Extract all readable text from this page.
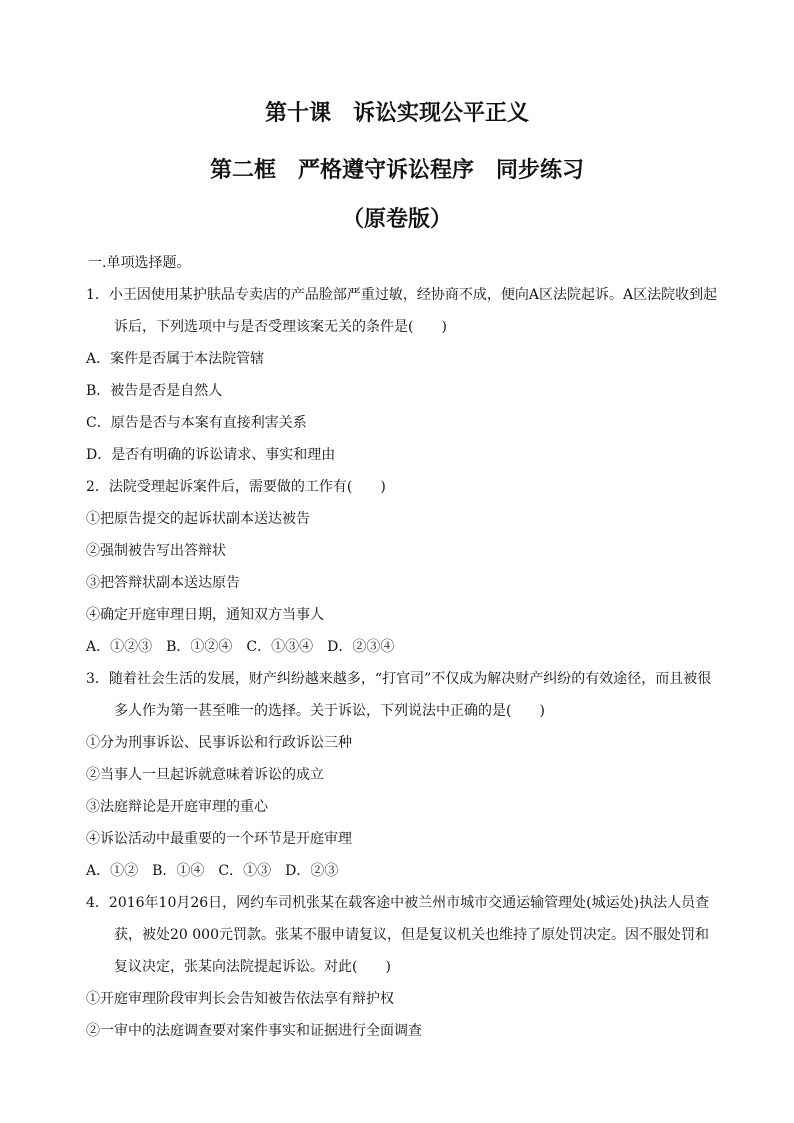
第十课　诉讼实现公平正义
第二框　严格遵守诉讼程序　同步练习
（原卷版）

一.单项选择题。

1．小王因使用某护肤品专卖店的产品脸部严重过敏，经协商不成，便向A区法院起诉。A区法院收到起诉后，下列选项中与是否受理该案无关的条件是(　　)

A．案件是否属于本法院管辖

B．被告是否是自然人

C．原告是否与本案有直接利害关系

D．是否有明确的诉讼请求、事实和理由

2．法院受理起诉案件后，需要做的工作有(　　)

①把原告提交的起诉状副本送达被告

②强制被告写出答辩状

③把答辩状副本送达原告

④确定开庭审理日期，通知双方当事人

A．①②③　B．①②④　C．①③④　D．②③④

3．随着社会生活的发展，财产纠纷越来越多，“打官司”不仅成为解决财产纠纷的有效途径，而且被很多人作为第一甚至唯一的选择。关于诉讼，下列说法中正确的是(　　)

①分为刑事诉讼、民事诉讼和行政诉讼三种

②当事人一旦起诉就意味着诉讼的成立

③法庭辩论是开庭审理的重心

④诉讼活动中最重要的一个环节是开庭审理

A．①②　B．①④　C．①③　D．②③

4．2016年10月26日，网约车司机张某在载客途中被兰州市城市交通运输管理处(城运处)执法人员查获，被处20 000元罚款。张某不服申请复议，但是复议机关也维持了原处罚决定。因不服处罚和复议决定，张某向法院提起诉讼。对此(　　)

①开庭审理阶段审判长会告知被告依法享有辩护权

②一审中的法庭调查要对案件事实和证据进行全面调查
